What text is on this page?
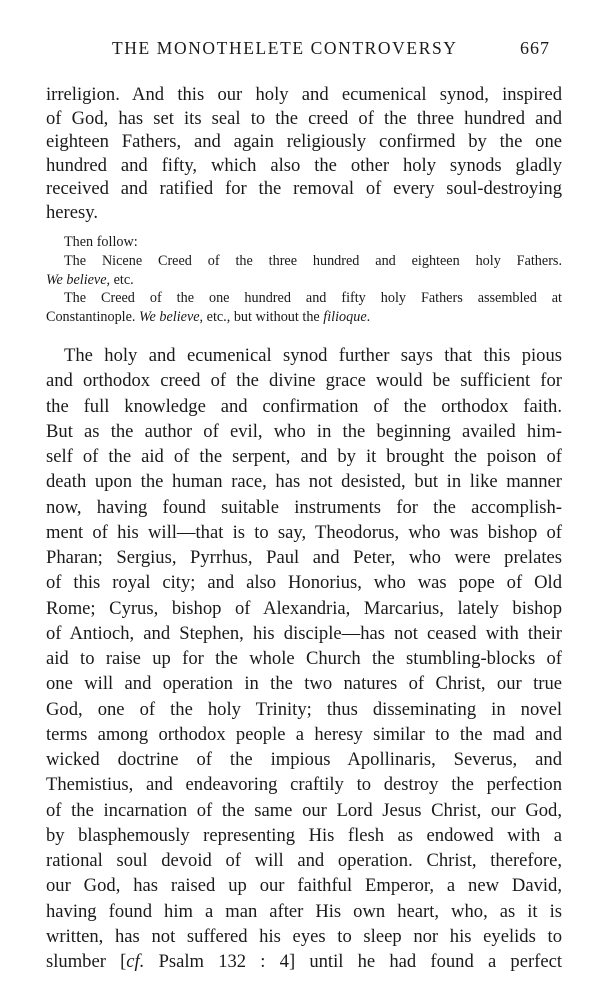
THE MONOTHELETE CONTROVERSY	667
irreligion. And this our holy and ecumenical synod, inspired
of God, has set its seal to the creed of the three hundred and
eighteen Fathers, and again religiously confirmed by the one
hundred and fifty, which also the other holy synods gladly
received and ratified for the removal of every soul-destroying
heresy.
Then follow:
The Nicene Creed of the three hundred and eighteen holy Fathers.
We believe, etc.
The Creed of the one hundred and fifty holy Fathers assembled at
Constantinople. We believe, etc., but without the filioque.
The holy and ecumenical synod further says that this pious
and orthodox creed of the divine grace would be sufficient for
the full knowledge and confirmation of the orthodox faith.
But as the author of evil, who in the beginning availed him-
self of the aid of the serpent, and by it brought the poison of
death upon the human race, has not desisted, but in like manner
now, having found suitable instruments for the accomplish-
ment of his will—that is to say, Theodorus, who was bishop of
Pharan; Sergius, Pyrrhus, Paul and Peter, who were prelates
of this royal city; and also Honorius, who was pope of Old
Rome; Cyrus, bishop of Alexandria, Marcarius, lately bishop
of Antioch, and Stephen, his disciple—has not ceased with their
aid to raise up for the whole Church the stumbling-blocks of
one will and operation in the two natures of Christ, our true
God, one of the holy Trinity; thus disseminating in novel
terms among orthodox people a heresy similar to the mad and
wicked doctrine of the impious Apollinaris, Severus, and
Themistius, and endeavoring craftily to destroy the perfection
of the incarnation of the same our Lord Jesus Christ, our God,
by blasphemously representing His flesh as endowed with a
rational soul devoid of will and operation. Christ, therefore,
our God, has raised up our faithful Emperor, a new David,
having found him a man after His own heart, who, as it is
written, has not suffered his eyes to sleep nor his eyelids to
slumber [cf. Psalm 132 : 4] until he had found a perfect
